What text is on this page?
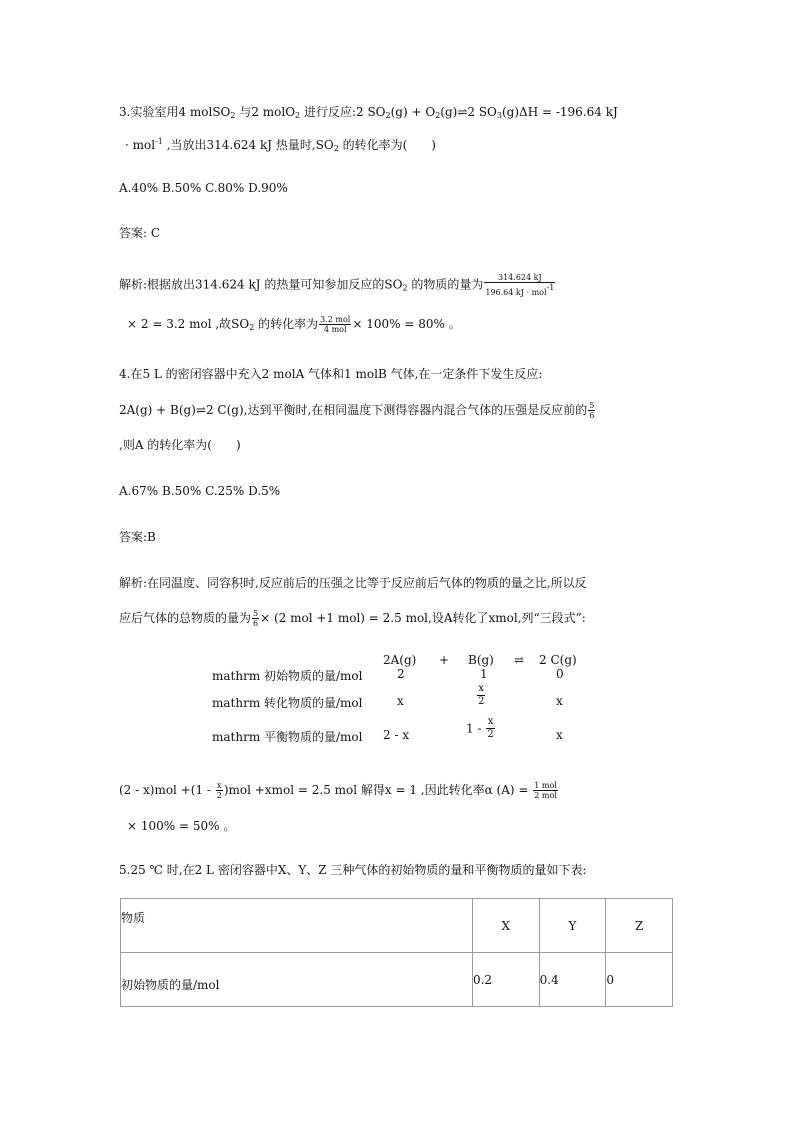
3.实验室用4 molSO$_2$ 与2 molO$_2$ 进行反应:2 $SO_2(g)$ + $O_2(g)\rightleftharpoons 2$ $SO_3(g)\Delta H = -196.64$ kJ
· mol$^{-1}$ ,当放出314.624 kJ 热量时$,SO_2$ 的转化率为(　　)
A.40% B.50% C.80% D.90%
答案: C
解析:根据放出314.624 kJ 的热量可知参加反应的$SO_2$ 的物质的量为 $\frac{314.624 kJ}{196.64 kJ \cdot mol^{-1}}$
× 2 = 3.2 mol ,故$SO_2$ 的转化率为 $\frac{\text{3.2 mol}}{\text{4 mol}} \times 100\% = 80\%$ 。
4.在5 L 的密闭容器中充入2 molA 气体和1 molB 气体,在一定条件下发生反应:
2A(g) + B(g)⇌2 C(g),达到平衡时,在相同温度下测得容器内混合气体的压强是反应前的 $\frac{5}{6}$
,则A 的转化率为(　　)
A.67% B.50% C.25% D.5%
答案:B
解析:在同温度、同容积时,反应前后的压强之比等于反应前后气体的物质的量之比,所以反
应后气体的总物质的量为 $\frac{5}{6} \times (2$ mol +1 mol) = 2.5 mol,设A转化了xmol,列“三段式”:
2A(g) + B(g) ⇌ 2 C(g)
mathrm 初始物质的量/mol	2	1	0
mathrm 转化物质的量/mol	x	$\frac{x}{2}$	x
mathrm 平衡物质的量/mol 2 - x	$1 - \frac{x}{2}$	x
$(2 - x)mol +(1 - \frac{x}{2} )mol$ +xmol = 2.5 mol 解得x = 1 ,因此转化率α $(A) = \frac{\text{1 mol}}{\text{2 mol}}$
× 100% = 50% 。
5.25 ℃ 时,在2 L 密闭容器中X、Y、Z 三种气体的初始物质的量和平衡物质的量如下表:
物质	X	Y	Z
初始物质的量/mol	0.2	0.4	0
